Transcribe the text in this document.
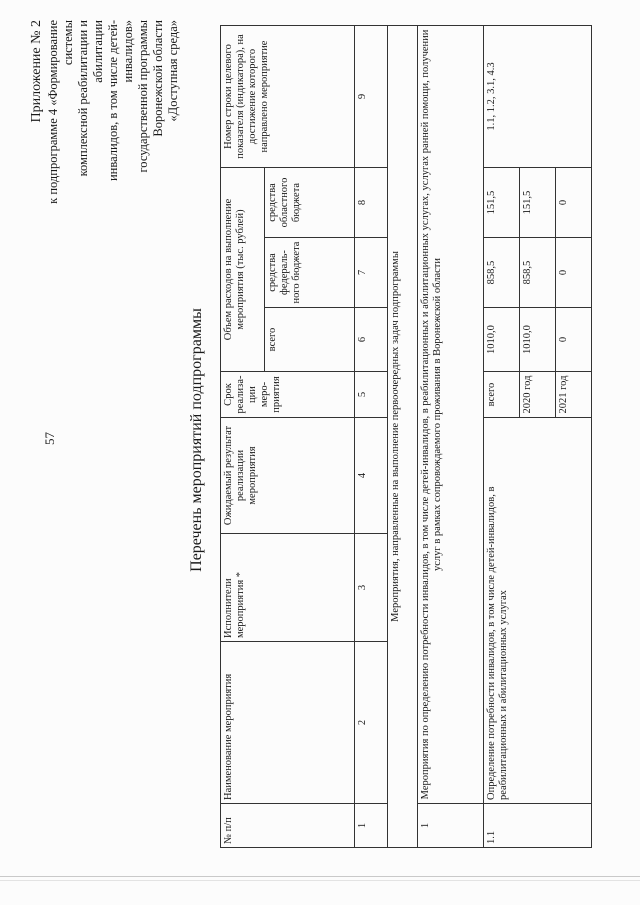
57
Приложение № 2 к подпрограмме 4 «Формирование системы комплексной реабилитации и абилитации инвалидов, в том числе детей-инвалидов» государственной программы Воронежской области «Доступная среда»
Перечень мероприятий подпрограммы
№ п/п	Наименование мероприятия	Исполнители мероприятия *	Ожидаемый результат реализации мероприятия	Срок реализа-ции меро-приятия	Объем расходов на выполнение мероприятия (тыс. рублей)			Номер строки целевого показателя (индикатора), на достижение которого направлено мероприятие
					всего	средства федераль-ного бюджета	средства областного бюджета	
1	2	3	4	5	6	7	8	9
Мероприятия, направленные на выполнение первоочередных задач подпрограммы								
1	Мероприятия по определению потребности инвалидов, в том числе детей-инвалидов, в реабилитационных и абилитационных услугах, услугах ранней помощи, получении услуг в рамках сопровождаемого проживания в Воронежской области							
1.1	Определение потребности инвалидов, в том числе детей-инвалидов, в реабилитационных и абилитационных услугах			всего	1010,0	858,5	151,5	1.1, 1.2, 3.1, 4.3
				2020 год	1010,0	858,5	151,5	
				2021 год	0	0	0	
